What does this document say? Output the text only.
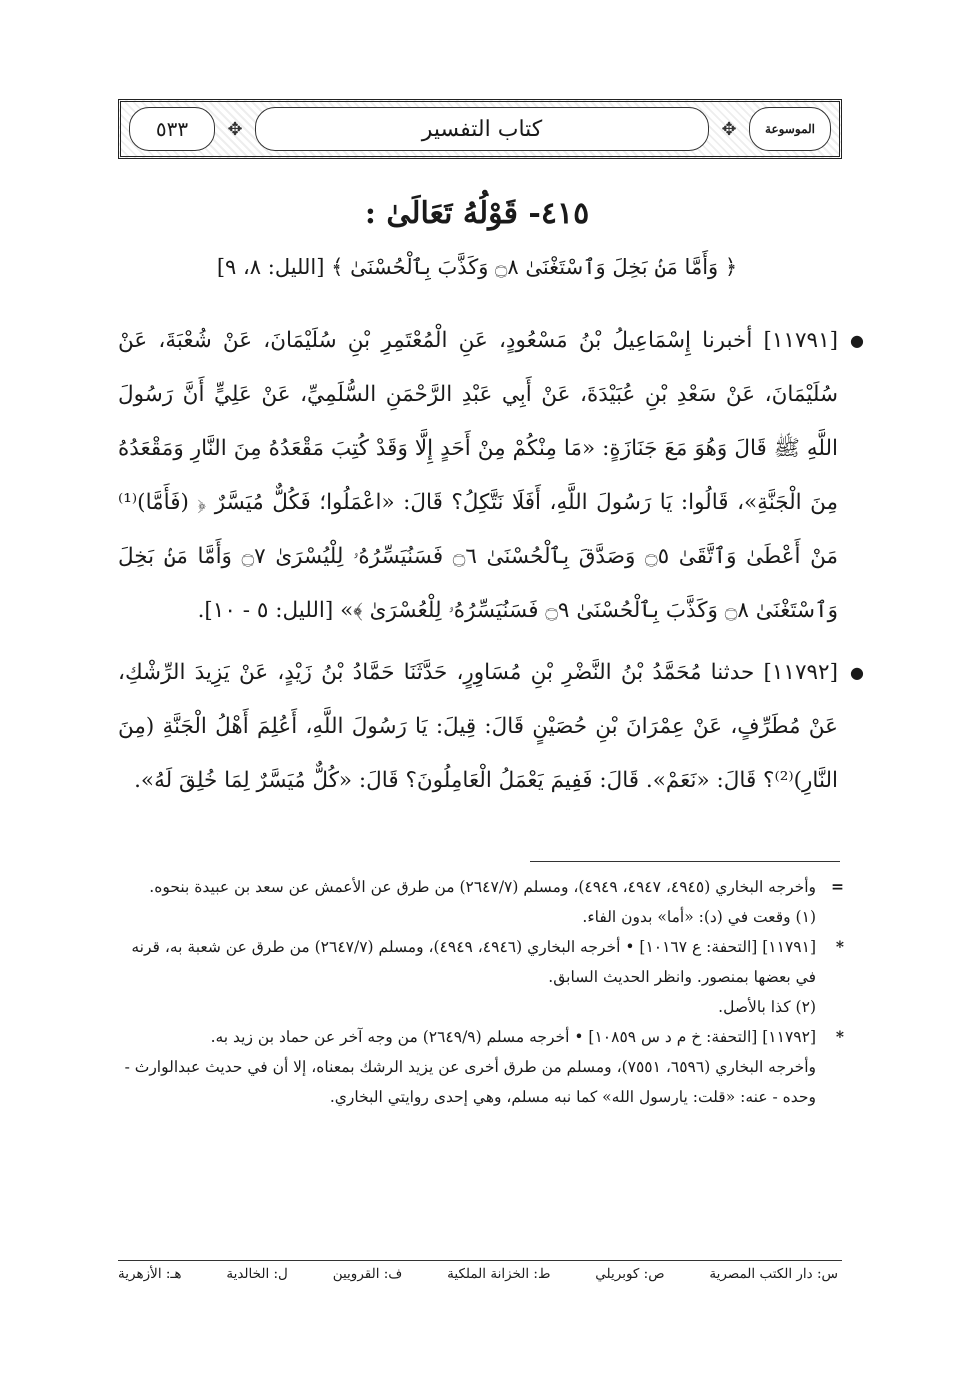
الموسوعة
✥
كتاب التفسير
✥
٥٣٣
٤١٥- قَوْلُهُ تَعَالَىٰ :
﴿ وَأَمَّا مَنۢ بَخِلَ وَٱسْتَغْنَىٰ ۝٨ وَكَذَّبَ بِٱلْحُسْنَىٰ ﴾ [الليل: ٨، ٩]

●
[١١٧٩١] أخبرنا إِسْمَاعِيلُ بْنُ مَسْعُودٍ، عَنِ الْمُعْتَمِرِ بْنِ سُلَيْمَانَ، عَنْ شُعْبَةَ، عَنْ سُلَيْمَانَ، عَنْ سَعْدِ بْنِ عُبَيْدَةَ، عَنْ أَبِي عَبْدِ الرَّحْمَنِ السُّلَمِيِّ، عَنْ عَلِيٍّ أَنَّ رَسُولَ اللَّهِ ﷺ قَالَ وَهُوَ مَعَ جَنَازَةٍ: «مَا مِنْكُمْ مِنْ أَحَدٍ إِلَّا وَقَدْ كُتِبَ مَقْعَدُهُ مِنَ النَّارِ وَمَقْعَدُهُ مِنَ الْجَنَّةِ»، قَالُوا: يَا رَسُولَ اللَّهِ، أَفَلَا نَتَّكِلُ؟ قَالَ: «اعْمَلُوا؛ فَكُلٌّ مُيَسَّرٌ ﴿ (فَأَمَّا)⁽¹⁾ مَنْ أَعْطَىٰ وَٱتَّقَىٰ ۝٥ وَصَدَّقَ بِٱلْحُسْنَىٰ ۝٦ فَسَنُيَسِّرُهُۥ لِلْيُسْرَىٰ ۝٧ وَأَمَّا مَنۢ بَخِلَ وَٱسْتَغْنَىٰ ۝٨ وَكَذَّبَ بِٱلْحُسْنَىٰ ۝٩ فَسَنُيَسِّرُهُۥ لِلْعُسْرَىٰ ﴾» [الليل: ٥ - ١٠].

●
[١١٧٩٢] حدثنا مُحَمَّدُ بْنُ النَّضْرِ بْنِ مُسَاوِرٍ، حَدَّثَنَا حَمَّادُ بْنُ زَيْدٍ، عَنْ يَزِيدَ الرِّشْكِ، عَنْ مُطَرِّفٍ، عَنْ عِمْرَانَ بْنِ حُصَيْنٍ قَالَ: قِيلَ: يَا رَسُولَ اللَّهِ، أَعُلِمَ أَهْلُ الْجَنَّةِ (مِنَ النَّارِ)⁽²⁾؟ قَالَ: «نَعَمْ». قَالَ: فَفِيمَ يَعْمَلُ الْعَامِلُونَ؟ قَالَ: «كُلٌّ مُيَسَّرٌ لِمَا خُلِقَ لَهُ».

=
وأخرجه البخاري (٤٩٤٥، ٤٩٤٧، ٤٩٤٩)، ومسلم (٢٦٤٧/٧) من طرق عن الأعمش عن سعد بن عبيدة بنحوه.

(١) وقعت في (د): «أما» بدون الفاء.

*
[١١٧٩١] [التحفة: ع ١٠١٦٧] • أخرجه البخاري (٤٩٤٦، ٤٩٤٩)، ومسلم (٢٦٤٧/٧) من طرق عن شعبة به، قرنه في بعضها بمنصور. وانظر الحديث السابق.

(٢) كذا بالأصل.

*
[١١٧٩٢] [التحفة: خ م د س ١٠٨٥٩] • أخرجه مسلم (٢٦٤٩/٩) من وجه آخر عن حماد بن زيد به.

وأخرجه البخاري (٦٥٩٦، ٧٥٥١)، ومسلم من طرق أخرى عن يزيد الرشك بمعناه، إلا أن في حديث عبدالوارث - وحده - عنه: «قلت: يارسول الله» كما نبه مسلم، وهي إحدى روايتي البخاري.

س: دار الكتب المصرية
ص: كوبريلي
ط: الخزانة الملكية
ف: القرويين
ل: الخالدية
هـ: الأزهرية
